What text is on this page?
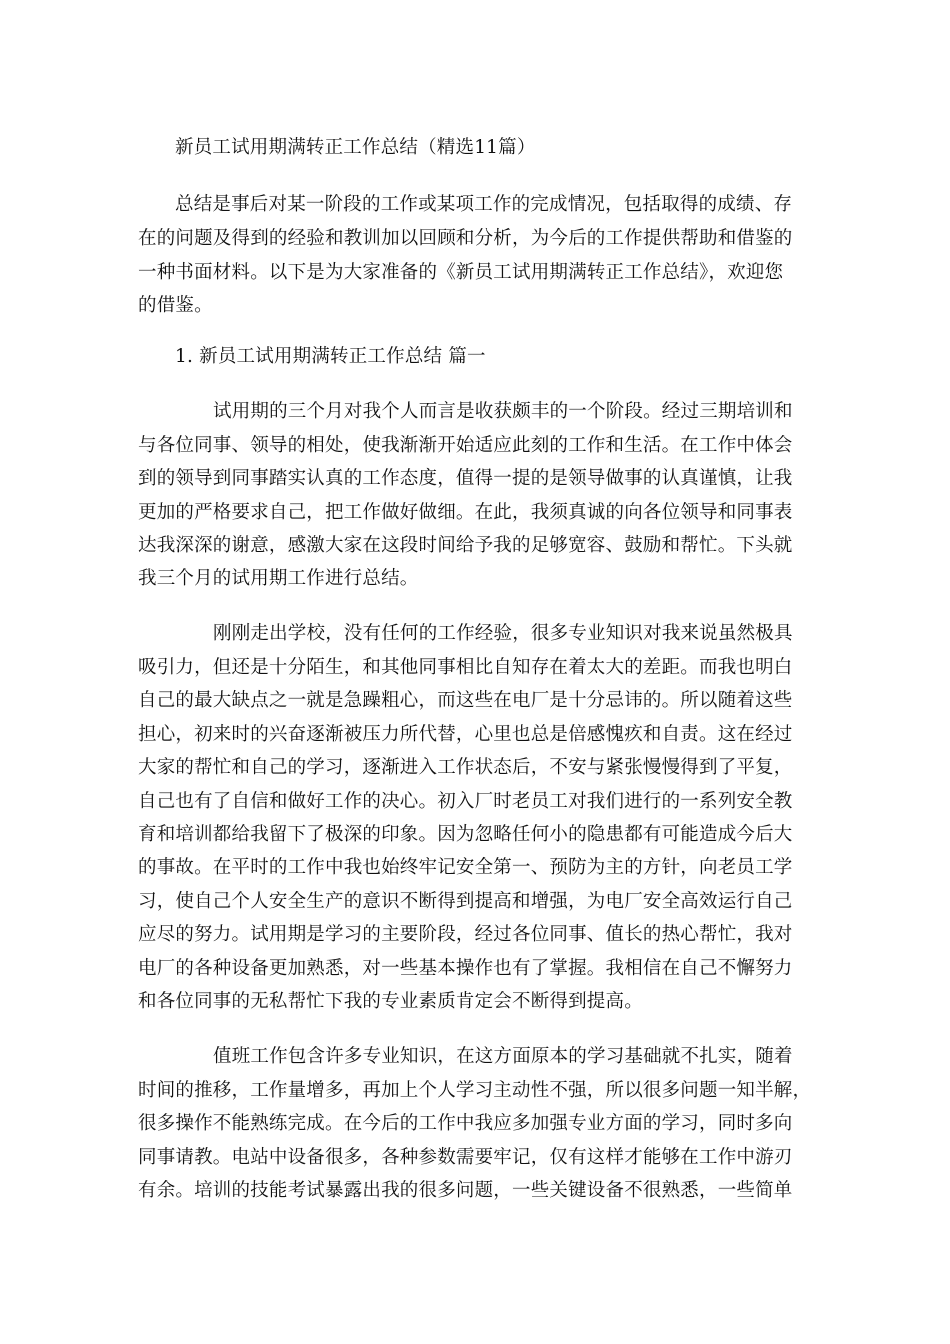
新员工试用期满转正工作总结（精选11篇）
总结是事后对某一阶段的工作或某项工作的完成情况，包括取得的成绩、存
在的问题及得到的经验和教训加以回顾和分析，为今后的工作提供帮助和借鉴的
一种书面材料。以下是为大家准备的《新员工试用期满转正工作总结》，欢迎您
的借鉴。
1. 新员工试用期满转正工作总结 篇一
试用期的三个月对我个人而言是收获颇丰的一个阶段。经过三期培训和
与各位同事、领导的相处，使我渐渐开始适应此刻的工作和生活。在工作中体会
到的领导到同事踏实认真的工作态度，值得一提的是领导做事的认真谨慎，让我
更加的严格要求自己，把工作做好做细。在此，我须真诚的向各位领导和同事表
达我深深的谢意，感激大家在这段时间给予我的足够宽容、鼓励和帮忙。下头就
我三个月的试用期工作进行总结。
刚刚走出学校，没有任何的工作经验，很多专业知识对我来说虽然极具
吸引力，但还是十分陌生，和其他同事相比自知存在着太大的差距。而我也明白
自己的最大缺点之一就是急躁粗心，而这些在电厂是十分忌讳的。所以随着这些
担心，初来时的兴奋逐渐被压力所代替，心里也总是倍感愧疚和自责。这在经过
大家的帮忙和自己的学习，逐渐进入工作状态后，不安与紧张慢慢得到了平复，
自己也有了自信和做好工作的决心。初入厂时老员工对我们进行的一系列安全教
育和培训都给我留下了极深的印象。因为忽略任何小的隐患都有可能造成今后大
的事故。在平时的工作中我也始终牢记安全第一、预防为主的方针，向老员工学
习，使自己个人安全生产的意识不断得到提高和增强，为电厂安全高效运行自己
应尽的努力。试用期是学习的主要阶段，经过各位同事、值长的热心帮忙，我对
电厂的各种设备更加熟悉，对一些基本操作也有了掌握。我相信在自己不懈努力
和各位同事的无私帮忙下我的专业素质肯定会不断得到提高。
值班工作包含许多专业知识，在这方面原本的学习基础就不扎实，随着
时间的推移，工作量增多，再加上个人学习主动性不强，所以很多问题一知半解，
很多操作不能熟练完成。在今后的工作中我应多加强专业方面的学习，同时多向
同事请教。电站中设备很多，各种参数需要牢记，仅有这样才能够在工作中游刃
有余。培训的技能考试暴露出我的很多问题，一些关键设备不很熟悉，一些简单
